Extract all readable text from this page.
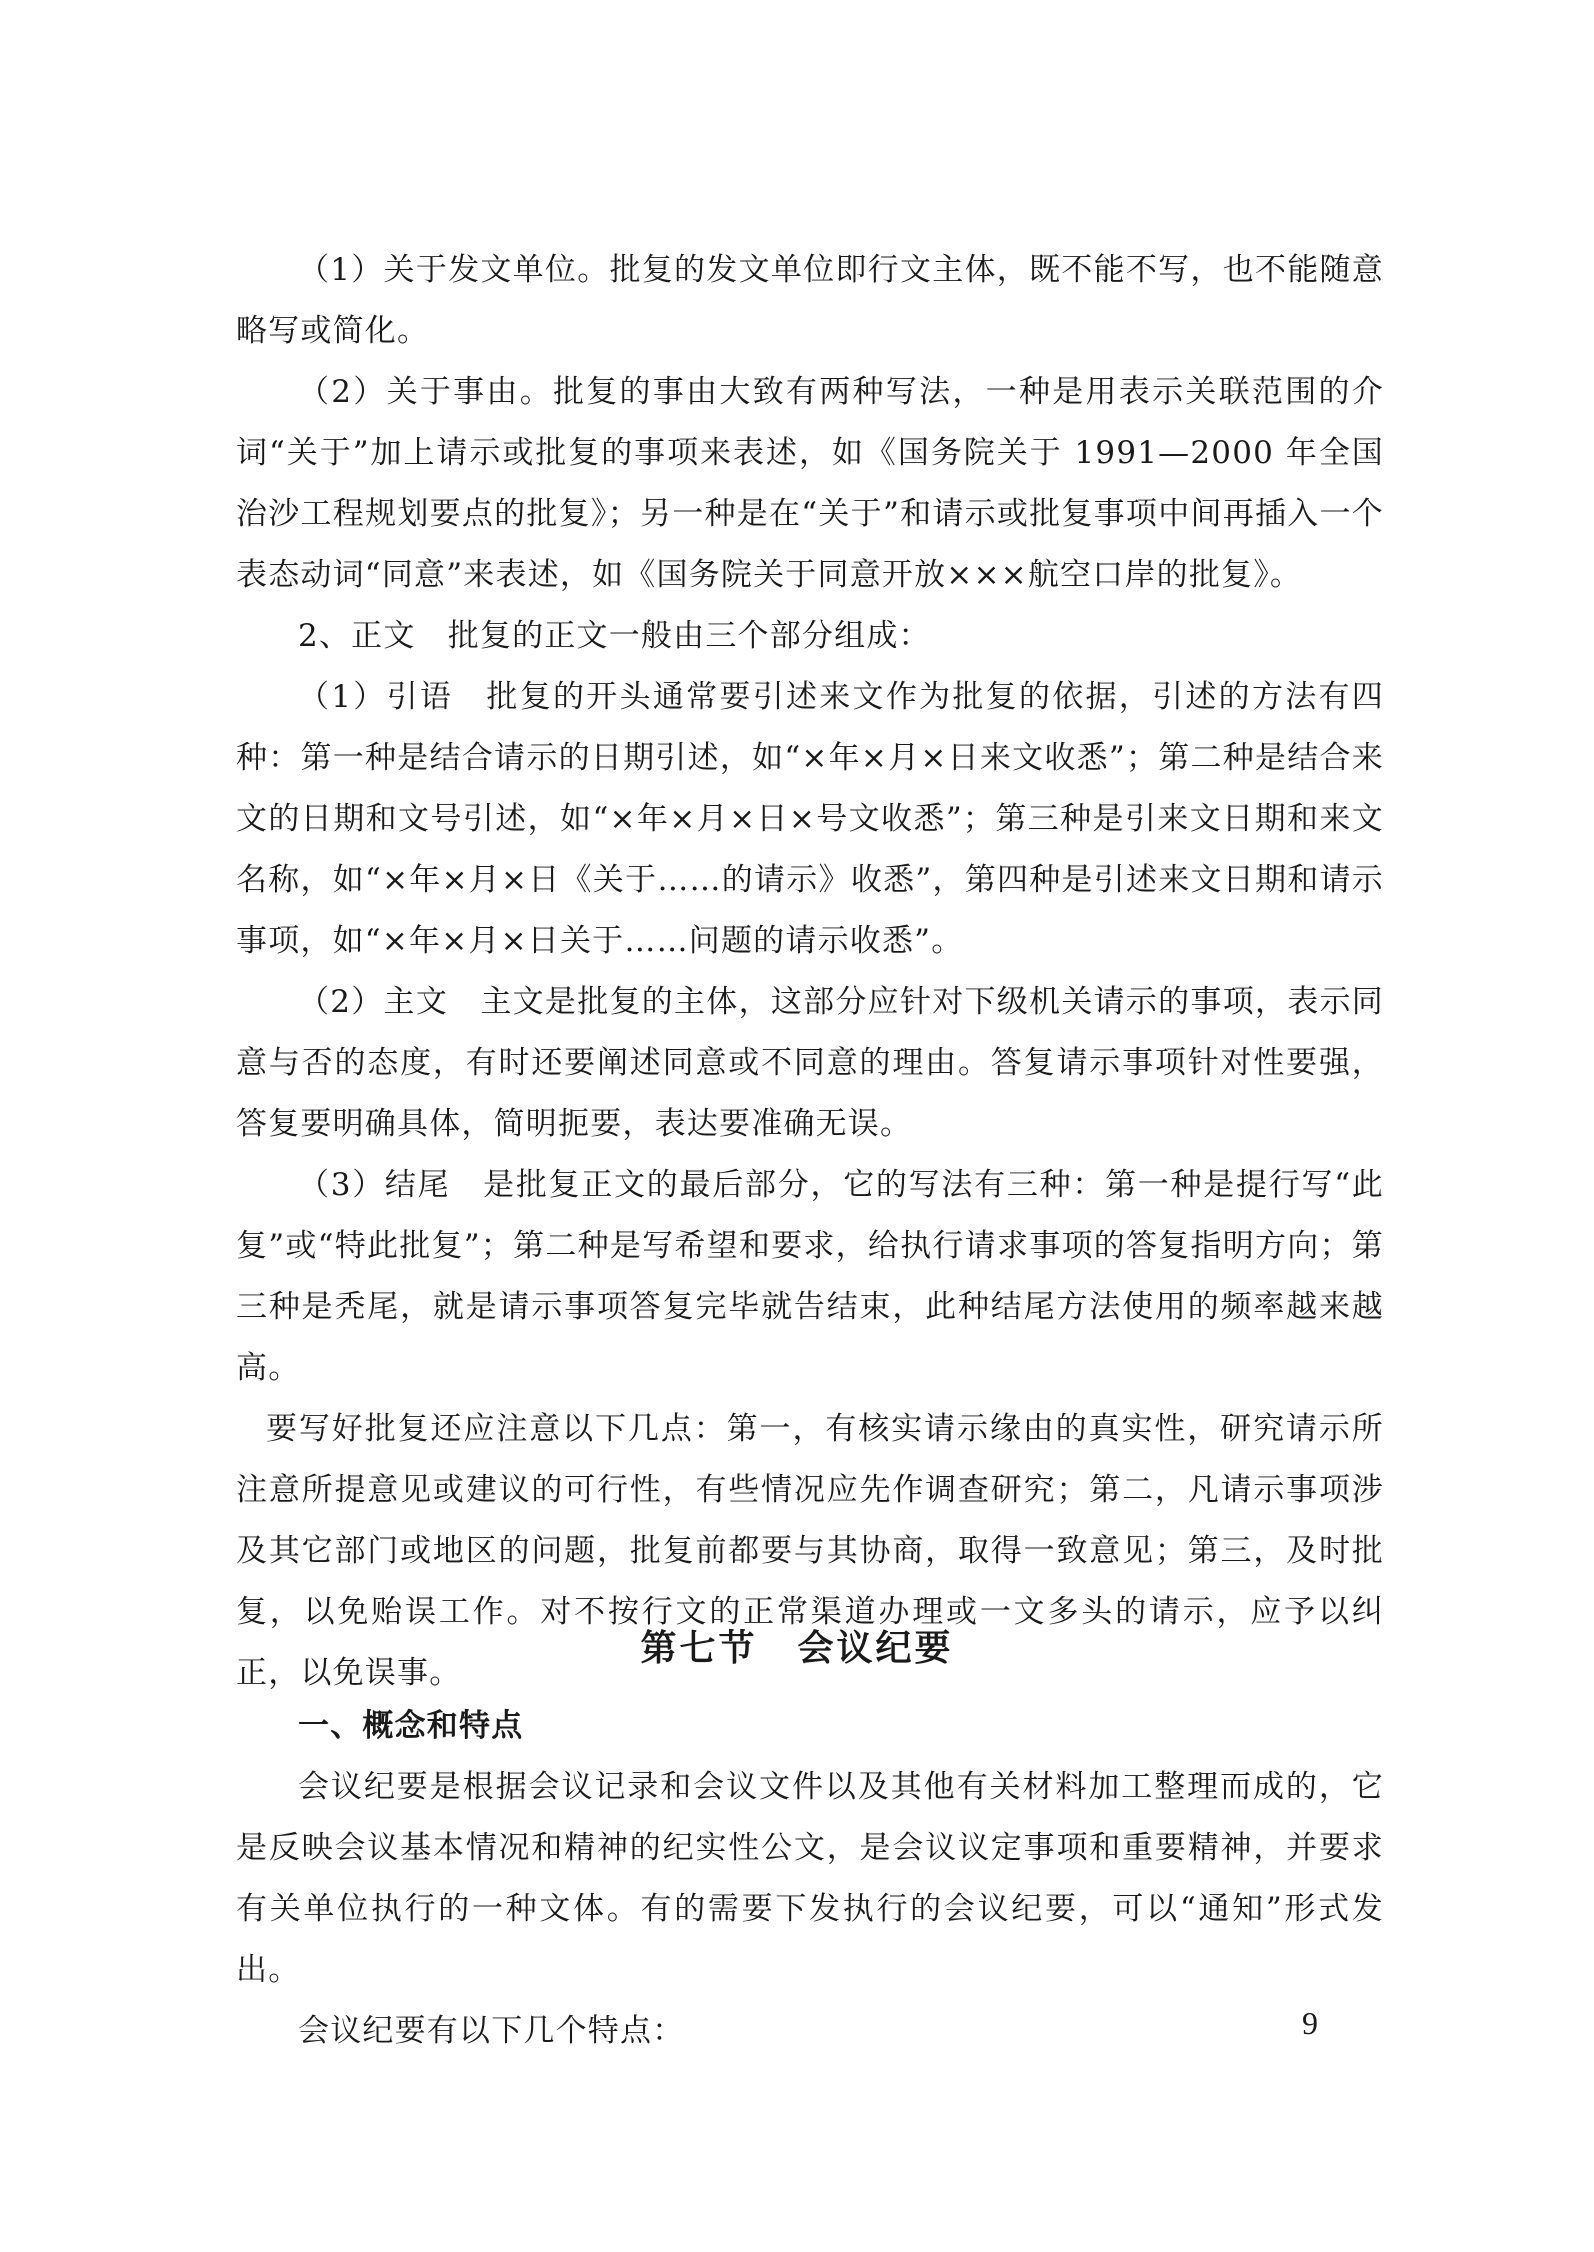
（1）关于发文单位。批复的发文单位即行文主体，既不能不写，也不能随意略写或简化。

（2）关于事由。批复的事由大致有两种写法，一种是用表示关联范围的介词“关于”加上请示或批复的事项来表述，如《国务院关于 1991—2000 年全国治沙工程规划要点的批复》；另一种是在“关于”和请示或批复事项中间再插入一个表态动词“同意”来表述，如《国务院关于同意开放×××航空口岸的批复》。

2、正文　批复的正文一般由三个部分组成：

（1）引语　批复的开头通常要引述来文作为批复的依据，引述的方法有四种：第一种是结合请示的日期引述，如“×年×月×日来文收悉”；第二种是结合来文的日期和文号引述，如“×年×月×日×号文收悉”；第三种是引来文日期和来文名称，如“×年×月×日《关于……的请示》收悉”，第四种是引述来文日期和请示事项，如“×年×月×日关于……问题的请示收悉”。

（2）主文　主文是批复的主体，这部分应针对下级机关请示的事项，表示同意与否的态度，有时还要阐述同意或不同意的理由。答复请示事项针对性要强，答复要明确具体，简明扼要，表达要准确无误。

（3）结尾　是批复正文的最后部分，它的写法有三种：第一种是提行写“此复”或“特此批复”；第二种是写希望和要求，给执行请求事项的答复指明方向；第三种是秃尾，就是请示事项答复完毕就告结束，此种结尾方法使用的频率越来越高。

要写好批复还应注意以下几点：第一，有核实请示缘由的真实性，研究请示所注意所提意见或建议的可行性，有些情况应先作调查研究；第二，凡请示事项涉及其它部门或地区的问题，批复前都要与其协商，取得一致意见；第三，及时批复，以免贻误工作。对不按行文的正常渠道办理或一文多头的请示，应予以纠正，以免误事。

第七节 会议纪要

一、概念和特点

会议纪要是根据会议记录和会议文件以及其他有关材料加工整理而成的，它是反映会议基本情况和精神的纪实性公文，是会议议定事项和重要精神，并要求有关单位执行的一种文体。有的需要下发执行的会议纪要，可以“通知”形式发出。

会议纪要有以下几个特点：	9
